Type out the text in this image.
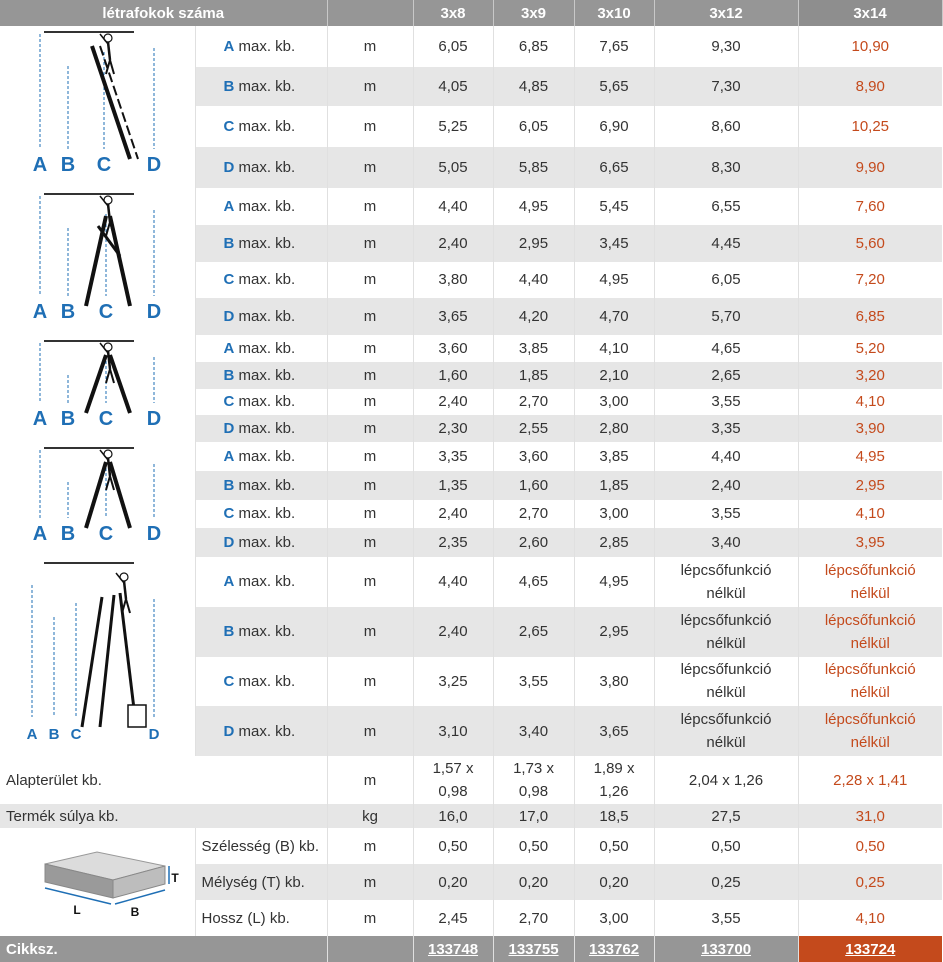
létrafokok száma			3x8	3x9	3x10	3x12	3x14

A B C D	A max. kb.	m	6,05	6,85	7,65	9,30	10,90
	B max. kb.	m	4,05	4,85	5,65	7,30	8,90
	C max. kb.	m	5,25	6,05	6,90	8,60	10,25
	D max. kb.	m	5,05	5,85	6,65	8,30	9,90

A B C D	A max. kb.	m	4,40	4,95	5,45	6,55	7,60
	B max. kb.	m	2,40	2,95	3,45	4,45	5,60
	C max. kb.	m	3,80	4,40	4,95	6,05	7,20
	D max. kb.	m	3,65	4,20	4,70	5,70	6,85

A B C D	A max. kb.	m	3,60	3,85	4,10	4,65	5,20
	B max. kb.	m	1,60	1,85	2,10	2,65	3,20
	C max. kb.	m	2,40	2,70	3,00	3,55	4,10
	D max. kb.	m	2,30	2,55	2,80	3,35	3,90

A B C D	A max. kb.	m	3,35	3,60	3,85	4,40	4,95
	B max. kb.	m	1,35	1,60	1,85	2,40	2,95
	C max. kb.	m	2,40	2,70	3,00	3,55	4,10
	D max. kb.	m	2,35	2,60	2,85	3,40	3,95

A B C D	A max. kb.	m	4,40	4,65	4,95	lépcsőfunkció nélkül	lépcsőfunkció nélkül
	B max. kb.	m	2,40	2,65	2,95	lépcsőfunkció nélkül	lépcsőfunkció nélkül
	C max. kb.	m	3,25	3,55	3,80	lépcsőfunkció nélkül	lépcsőfunkció nélkül
	D max. kb.	m	3,10	3,40	3,65	lépcsőfunkció nélkül	lépcsőfunkció nélkül
Alapterület kb.		m	1,57 x 0,98	1,73 x 0,98	1,89 x 1,26	2,04 x 1,26	2,28 x 1,41
Termék súlya kb.		kg	16,0	17,0	18,5	27,5	31,0

T
L B	Szélesség (B) kb.	m	0,50	0,50	0,50	0,50	0,50
	Mélység (T) kb.	m	0,20	0,20	0,20	0,25	0,25
	Hossz (L) kb.	m	2,45	2,70	3,00	3,55	4,10
Cikksz.			133748	133755	133762	133700	133724
